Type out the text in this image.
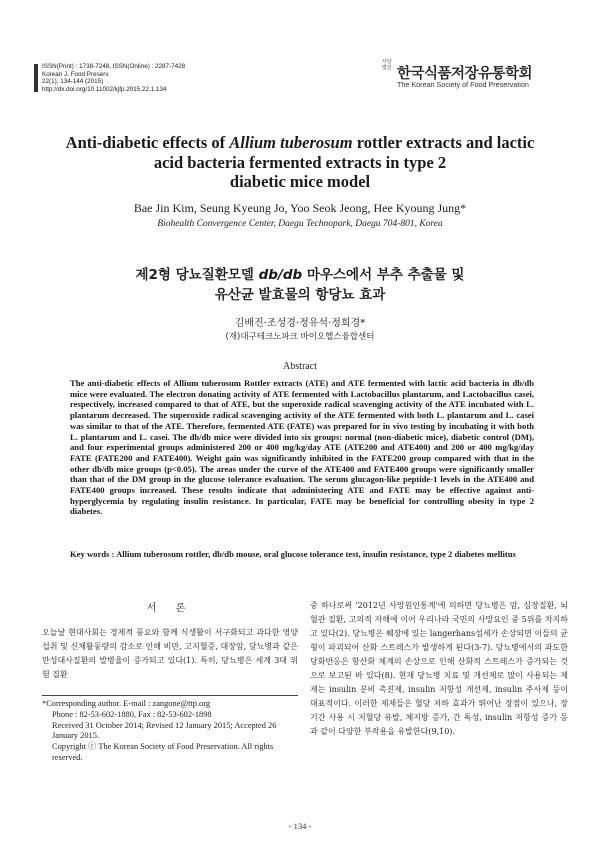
ISSN(Print) : 1738-7248, ISSN(Online) : 2287-7428
Korean J. Food Preserv.
22(1), 134-144 (2015)
http://dx.doi.org/10.11002/kjfp.2015.22.1.134
사단법인 한국식품저장유통학회
The Korean Society of Food Preservation
Anti-diabetic effects of Allium tuberosum rottler extracts and lactic
acid bacteria fermented extracts in type 2
diabetic mice model
Bae Jin Kim, Seung Kyeung Jo, Yoo Seok Jeong, Hee Kyoung Jung*
Biohealth Convergence Center, Daegu Technopark, Daegu 704-801, Korea
제2형 당뇨질환모델 db/db 마우스에서 부추 추출물 및
유산균 발효물의 항당뇨 효과
김배진·조성경·정유석·정희경*
(재)대구테크노파크 바이오헬스융합센터
Abstract
The anti-diabetic effects of Allium tuberosum Rottler extracts (ATE) and ATE fermented with lactic acid bacteria in db/db mice were evaluated. The electron donating activity of ATE fermented with Lactobacillus plantarum, and Lactobacillus casei, respectively, increased compared to that of ATE, but the superoxide radical scavenging activity of the ATE incubated with L. plantarum decreased. The superoxide radical scavenging activity of the ATE fermented with both L. plantarum and L. casei was similar to that of the ATE. Therefore, fermented ATE (FATE) was prepared for in vivo testing by incubating it with both L. plantarum and L. casei. The db/db mice were divided into six groups: normal (non-diabetic mice), diabetic control (DM), and four experimental groups administered 200 or 400 mg/kg/day ATE (ATE200 and ATE400) and 200 or 400 mg/kg/day FATE (FATE200 and FATE400). Weight gain was significantly inhibited in the FATE200 group compared with that in the other db/db mice groups (p<0.05). The areas under the curve of the ATE400 and FATE400 groups were significantly smaller than that of the DM group in the glucose tolerance evaluation. The serum glucagon-like peptide-1 levels in the ATE400 and FATE400 groups increased. These results indicate that administering ATE and FATE may be effective against anti-hyperglycemia by regulating insulin resistance. In particular, FATE may be beneficial for controlling obesity in type 2 diabetes.
Key words : Allium tuberosum rottler, db/db mouse, oral glucose tolerance test, insulin resistance, type 2 diabetes mellitus
서 론
오늘날 현대사회는 경제적 풍요와 함께 식생활이 서구화되고 과다한 영양 섭취 및 신체활동량의 감소로 인해 비만, 고지혈증, 대장암, 당뇨병과 같은 만성대사질환의 발병율이 증가되고 있다(1). 특히, 당뇨병은 세계 3대 위험 질환
중 하나로써 '2012년 사망원인통계'에 의하면 당뇨병은 암, 심장질환, 뇌혈관 질환, 고의적 자해에 이어 우리나라 국민의 사망요인 중 5위를 차지하고 있다(2). 당뇨병은 췌장에 있는 langerhans섬세가 손상되면 이들의 균형이 파괴되어 산화 스트레스가 발생하게 된다(3-7). 당뇨병에서의 과도한 당화반응은 항산화 체계의 손상으로 인해 산화적 스트레스가 증가되는 것으로 보고된 바 있다(8). 현재 당뇨병 치료 및 개선제로 많이 사용되는 제제는 insulin 분비 촉진제, insulin 저항성 개선제, insulin 주사제 등이 대표적이다. 이러한 제제들은 혈당 저하 효과가 뛰어난 장점이 있으나, 장기간 사용 시 저혈당 유발, 체지방 증가, 간 독성, insulin 저항성 증가 등과 같이 다양한 부작용을 유발한다(9,10).
*Corresponding author. E-mail : zangone@ttp.org
Phone : 82-53-602-1880, Fax : 82-53-602-1898
Received 31 October 2014; Revised 12 January 2015; Accepted 26 January 2015.
Copyright ⓒ The Korean Society of Food Preservation. All rights reserved.
- 134 -
